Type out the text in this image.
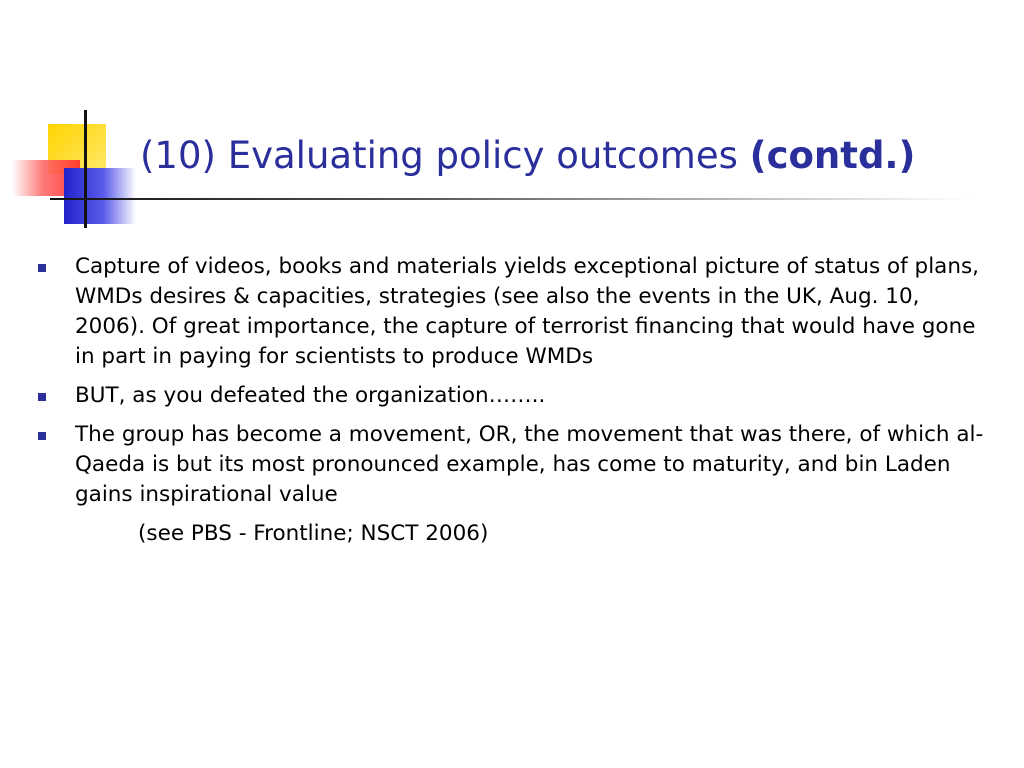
(10) Evaluating policy outcomes (contd.)
Capture of videos, books and materials yields exceptional picture of status of plans, WMDs desires & capacities, strategies (see also the events in the UK, Aug. 10, 2006). Of great importance, the capture of terrorist financing that would have gone in part in paying for scientists to produce WMDs
BUT, as you defeated the organization……..
The group has become a movement, OR, the movement that was there, of which al-Qaeda is but its most pronounced example, has come to maturity, and bin Laden gains inspirational value

(see PBS - Frontline; NSCT 2006)
